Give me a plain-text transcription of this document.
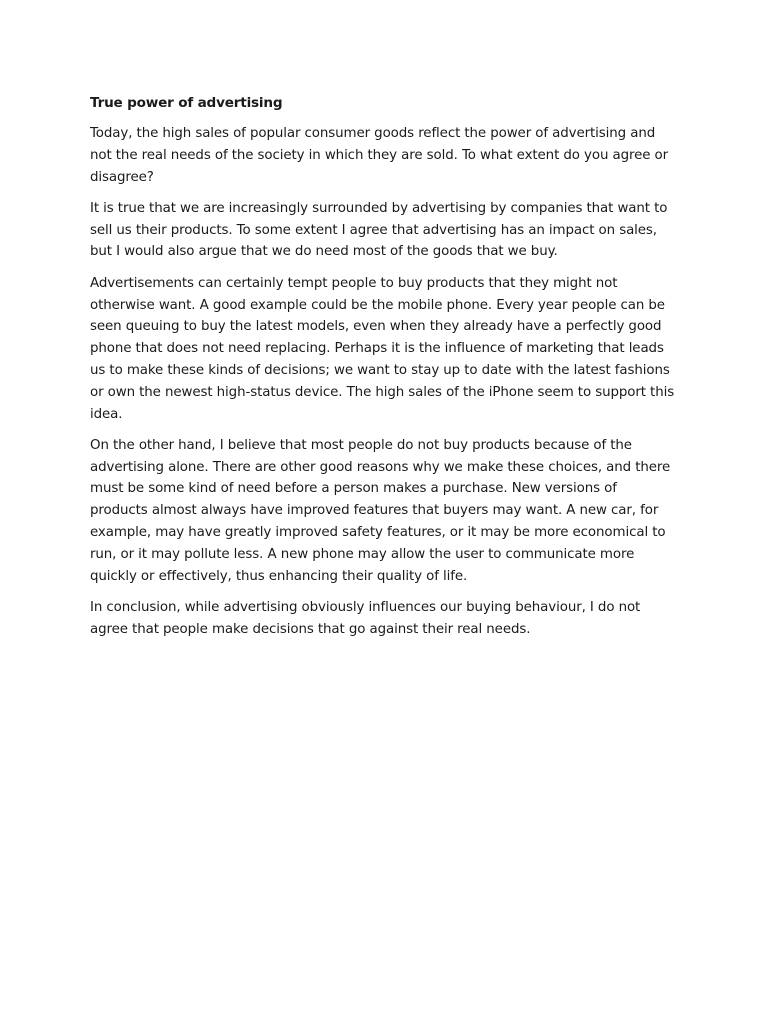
True power of advertising

Today, the high sales of popular consumer goods reflect the power of advertising and not the real needs of the society in which they are sold. To what extent do you agree or disagree?

It is true that we are increasingly surrounded by advertising by companies that want to sell us their products. To some extent I agree that advertising has an impact on sales, but I would also argue that we do need most of the goods that we buy.

Advertisements can certainly tempt people to buy products that they might not otherwise want. A good example could be the mobile phone. Every year people can be seen queuing to buy the latest models, even when they already have a perfectly good phone that does not need replacing. Perhaps it is the influence of marketing that leads us to make these kinds of decisions; we want to stay up to date with the latest fashions or own the newest high-status device. The high sales of the iPhone seem to support this idea.

On the other hand, I believe that most people do not buy products because of the advertising alone. There are other good reasons why we make these choices, and there must be some kind of need before a person makes a purchase. New versions of products almost always have improved features that buyers may want. A new car, for example, may have greatly improved safety features, or it may be more economical to run, or it may pollute less. A new phone may allow the user to communicate more quickly or effectively, thus enhancing their quality of life.

In conclusion, while advertising obviously influences our buying behaviour, I do not agree that people make decisions that go against their real needs.
